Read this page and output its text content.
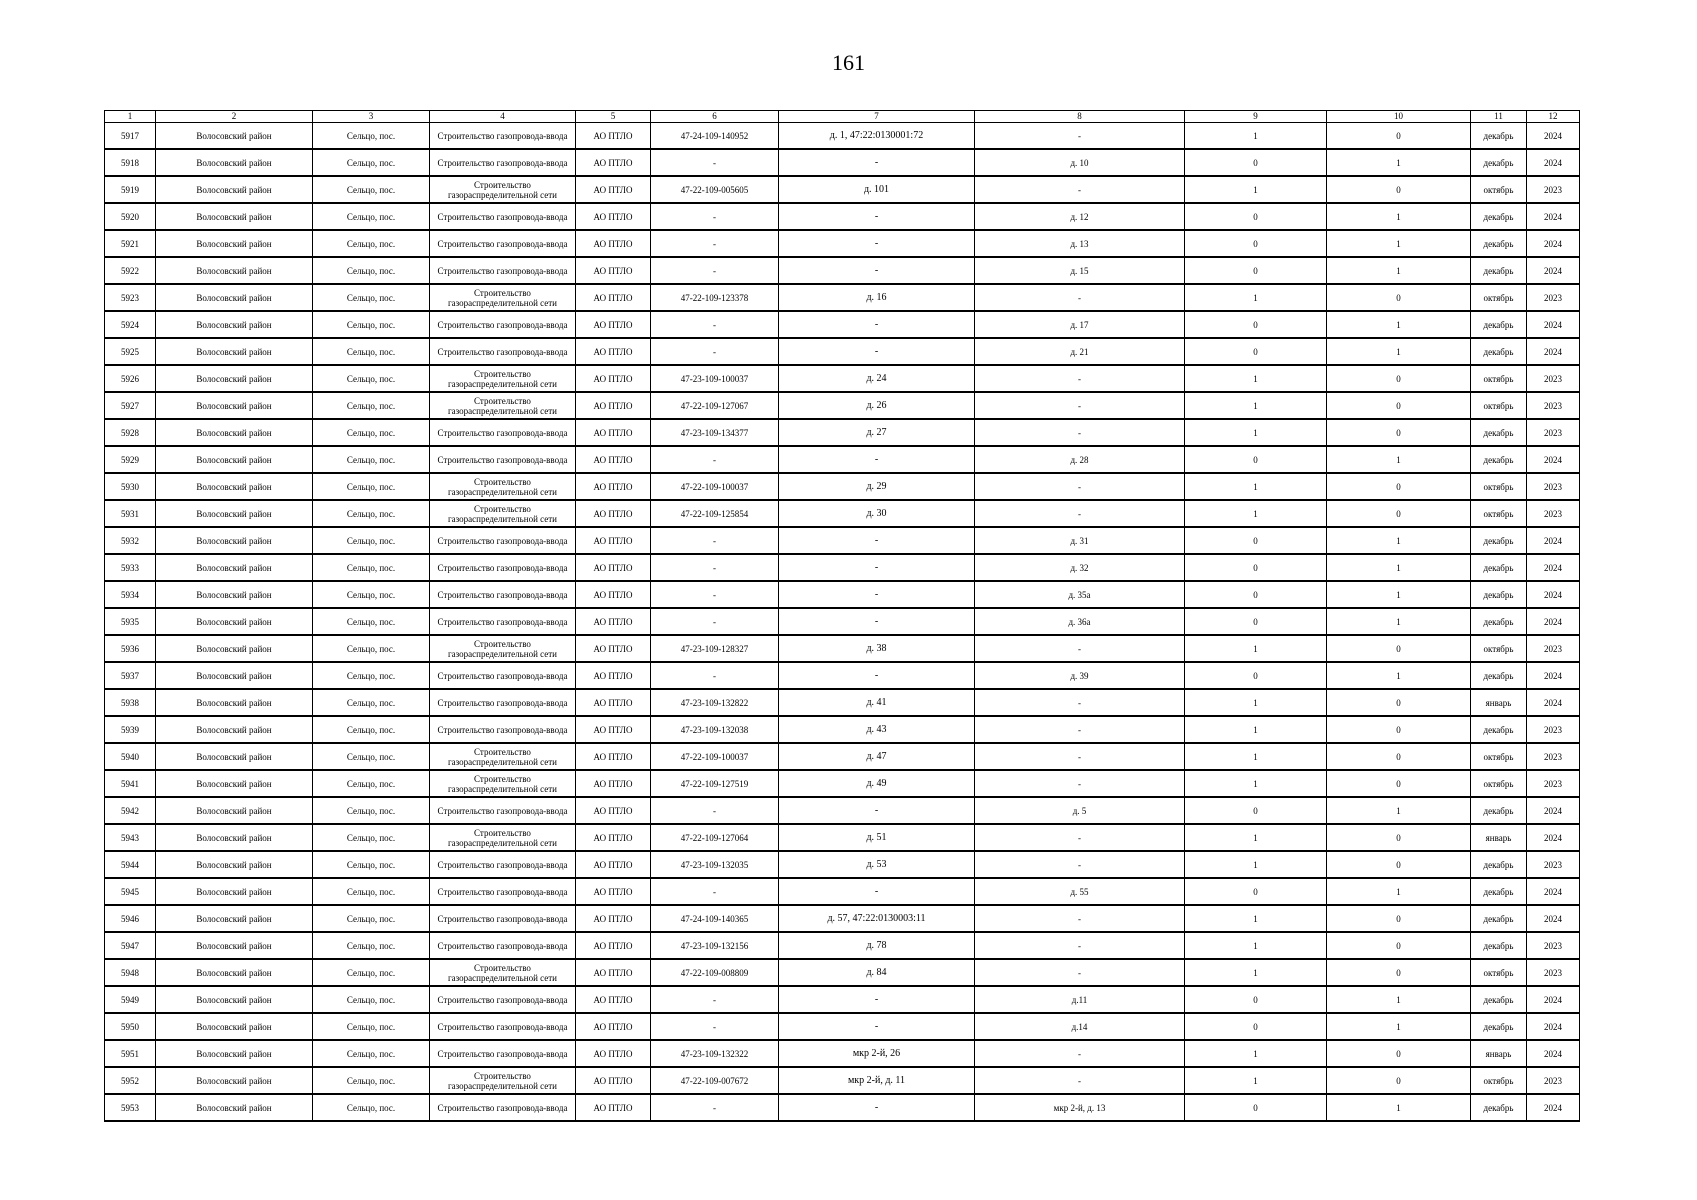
161
1	2	3	4	5	6	7	8	9	10	11	12
5917	Волосовский район	Сельцо, пос.	Строительство газопровода-ввода	АО ПТЛО	47-24-109-140952	д. 1, 47:22:0130001:72	-	1	0	декабрь	2024
5918	Волосовский район	Сельцо, пос.	Строительство газопровода-ввода	АО ПТЛО	-	-	д. 10	0	1	декабрь	2024
5919	Волосовский район	Сельцо, пос.	Строительство газораспределительной сети	АО ПТЛО	47-22-109-005605	д. 101	-	1	0	октябрь	2023
5920	Волосовский район	Сельцо, пос.	Строительство газопровода-ввода	АО ПТЛО	-	-	д. 12	0	1	декабрь	2024
5921	Волосовский район	Сельцо, пос.	Строительство газопровода-ввода	АО ПТЛО	-	-	д. 13	0	1	декабрь	2024
5922	Волосовский район	Сельцо, пос.	Строительство газопровода-ввода	АО ПТЛО	-	-	д. 15	0	1	декабрь	2024
5923	Волосовский район	Сельцо, пос.	Строительство газораспределительной сети	АО ПТЛО	47-22-109-123378	д. 16	-	1	0	октябрь	2023
5924	Волосовский район	Сельцо, пос.	Строительство газопровода-ввода	АО ПТЛО	-	-	д. 17	0	1	декабрь	2024
5925	Волосовский район	Сельцо, пос.	Строительство газопровода-ввода	АО ПТЛО	-	-	д. 21	0	1	декабрь	2024
5926	Волосовский район	Сельцо, пос.	Строительство газораспределительной сети	АО ПТЛО	47-23-109-100037	д. 24	-	1	0	октябрь	2023
5927	Волосовский район	Сельцо, пос.	Строительство газораспределительной сети	АО ПТЛО	47-22-109-127067	д. 26	-	1	0	октябрь	2023
5928	Волосовский район	Сельцо, пос.	Строительство газопровода-ввода	АО ПТЛО	47-23-109-134377	д. 27	-	1	0	декабрь	2023
5929	Волосовский район	Сельцо, пос.	Строительство газопровода-ввода	АО ПТЛО	-	-	д. 28	0	1	декабрь	2024
5930	Волосовский район	Сельцо, пос.	Строительство газораспределительной сети	АО ПТЛО	47-22-109-100037	д. 29	-	1	0	октябрь	2023
5931	Волосовский район	Сельцо, пос.	Строительство газораспределительной сети	АО ПТЛО	47-22-109-125854	д. 30	-	1	0	октябрь	2023
5932	Волосовский район	Сельцо, пос.	Строительство газопровода-ввода	АО ПТЛО	-	-	д. 31	0	1	декабрь	2024
5933	Волосовский район	Сельцо, пос.	Строительство газопровода-ввода	АО ПТЛО	-	-	д. 32	0	1	декабрь	2024
5934	Волосовский район	Сельцо, пос.	Строительство газопровода-ввода	АО ПТЛО	-	-	д. 35а	0	1	декабрь	2024
5935	Волосовский район	Сельцо, пос.	Строительство газопровода-ввода	АО ПТЛО	-	-	д. 36а	0	1	декабрь	2024
5936	Волосовский район	Сельцо, пос.	Строительство газораспределительной сети	АО ПТЛО	47-23-109-128327	д. 38	-	1	0	октябрь	2023
5937	Волосовский район	Сельцо, пос.	Строительство газопровода-ввода	АО ПТЛО	-	-	д. 39	0	1	декабрь	2024
5938	Волосовский район	Сельцо, пос.	Строительство газопровода-ввода	АО ПТЛО	47-23-109-132822	д. 41	-	1	0	январь	2024
5939	Волосовский район	Сельцо, пос.	Строительство газопровода-ввода	АО ПТЛО	47-23-109-132038	д. 43	-	1	0	декабрь	2023
5940	Волосовский район	Сельцо, пос.	Строительство газораспределительной сети	АО ПТЛО	47-22-109-100037	д. 47	-	1	0	октябрь	2023
5941	Волосовский район	Сельцо, пос.	Строительство газораспределительной сети	АО ПТЛО	47-22-109-127519	д. 49	-	1	0	октябрь	2023
5942	Волосовский район	Сельцо, пос.	Строительство газопровода-ввода	АО ПТЛО	-	-	д. 5	0	1	декабрь	2024
5943	Волосовский район	Сельцо, пос.	Строительство газораспределительной сети	АО ПТЛО	47-22-109-127064	д. 51	-	1	0	январь	2024
5944	Волосовский район	Сельцо, пос.	Строительство газопровода-ввода	АО ПТЛО	47-23-109-132035	д. 53	-	1	0	декабрь	2023
5945	Волосовский район	Сельцо, пос.	Строительство газопровода-ввода	АО ПТЛО	-	-	д. 55	0	1	декабрь	2024
5946	Волосовский район	Сельцо, пос.	Строительство газопровода-ввода	АО ПТЛО	47-24-109-140365	д. 57, 47:22:0130003:11	-	1	0	декабрь	2024
5947	Волосовский район	Сельцо, пос.	Строительство газопровода-ввода	АО ПТЛО	47-23-109-132156	д. 78	-	1	0	декабрь	2023
5948	Волосовский район	Сельцо, пос.	Строительство газораспределительной сети	АО ПТЛО	47-22-109-008809	д. 84	-	1	0	октябрь	2023
5949	Волосовский район	Сельцо, пос.	Строительство газопровода-ввода	АО ПТЛО	-	-	д.11	0	1	декабрь	2024
5950	Волосовский район	Сельцо, пос.	Строительство газопровода-ввода	АО ПТЛО	-	-	д.14	0	1	декабрь	2024
5951	Волосовский район	Сельцо, пос.	Строительство газопровода-ввода	АО ПТЛО	47-23-109-132322	мкр 2-й, 26	-	1	0	январь	2024
5952	Волосовский район	Сельцо, пос.	Строительство газораспределительной сети	АО ПТЛО	47-22-109-007672	мкр 2-й, д. 11	-	1	0	октябрь	2023
5953	Волосовский район	Сельцо, пос.	Строительство газопровода-ввода	АО ПТЛО	-	-	мкр 2-й, д. 13	0	1	декабрь	2024
